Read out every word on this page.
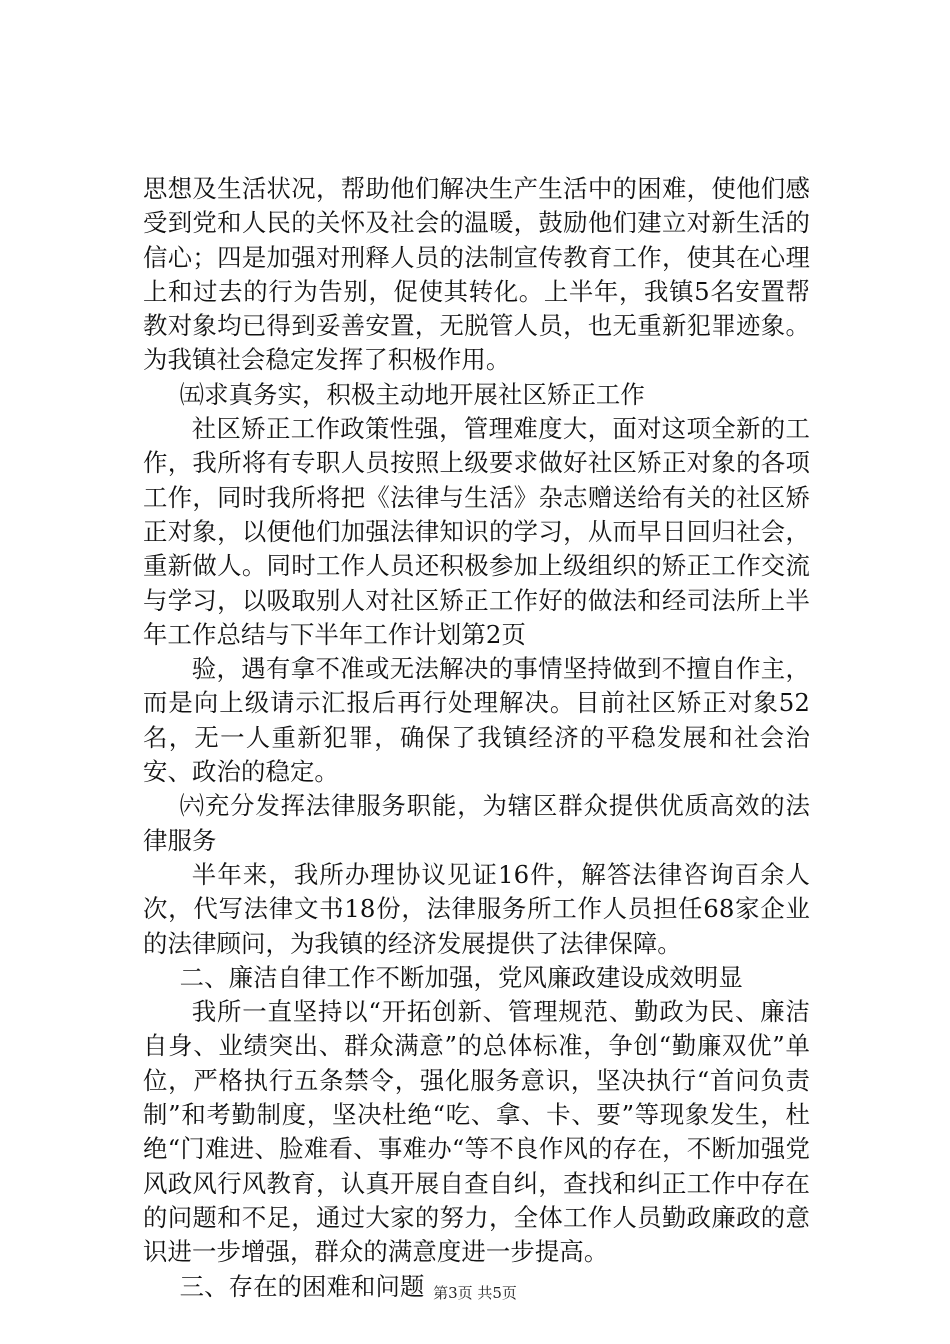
思想及生活状况，帮助他们解决生产生活中的困难，使他们感受到党和人民的关怀及社会的温暖，鼓励他们建立对新生活的信心；四是加强对刑释人员的法制宣传教育工作，使其在心理上和过去的行为告别，促使其转化。上半年，我镇5名安置帮教对象均已得到妥善安置，无脱管人员，也无重新犯罪迹象。为我镇社会稳定发挥了积极作用。

㈤求真务实，积极主动地开展社区矫正工作

社区矫正工作政策性强，管理难度大，面对这项全新的工作，我所将有专职人员按照上级要求做好社区矫正对象的各项工作，同时我所将把《法律与生活》杂志赠送给有关的社区矫正对象，以便他们加强法律知识的学习，从而早日回归社会，重新做人。同时工作人员还积极参加上级组织的矫正工作交流与学习，以吸取别人对社区矫正工作好的做法和经司法所上半年工作总结与下半年工作计划第2页

验，遇有拿不准或无法解决的事情坚持做到不擅自作主，而是向上级请示汇报后再行处理解决。目前社区矫正对象52名，无一人重新犯罪，确保了我镇经济的平稳发展和社会治安、政治的稳定。

㈥充分发挥法律服务职能，为辖区群众提供优质高效的法律服务

半年来，我所办理协议见证16件，解答法律咨询百余人次，代写法律文书18份，法律服务所工作人员担任68家企业的法律顾问，为我镇的经济发展提供了法律保障。

二、廉洁自律工作不断加强，党风廉政建设成效明显

我所一直坚持以“开拓创新、管理规范、勤政为民、廉洁自身、业绩突出、群众满意”的总体标准，争创“勤廉双优”单位，严格执行五条禁令，强化服务意识，坚决执行“首问负责制”和考勤制度，坚决杜绝“吃、拿、卡、要”等现象发生，杜绝“门难进、脸难看、事难办“等不良作风的存在，不断加强党风政风行风教育，认真开展自查自纠，查找和纠正工作中存在的问题和不足，通过大家的努力，全体工作人员勤政廉政的意识进一步增强，群众的满意度进一步提高。

三、存在的困难和问题 第3页 共5页
